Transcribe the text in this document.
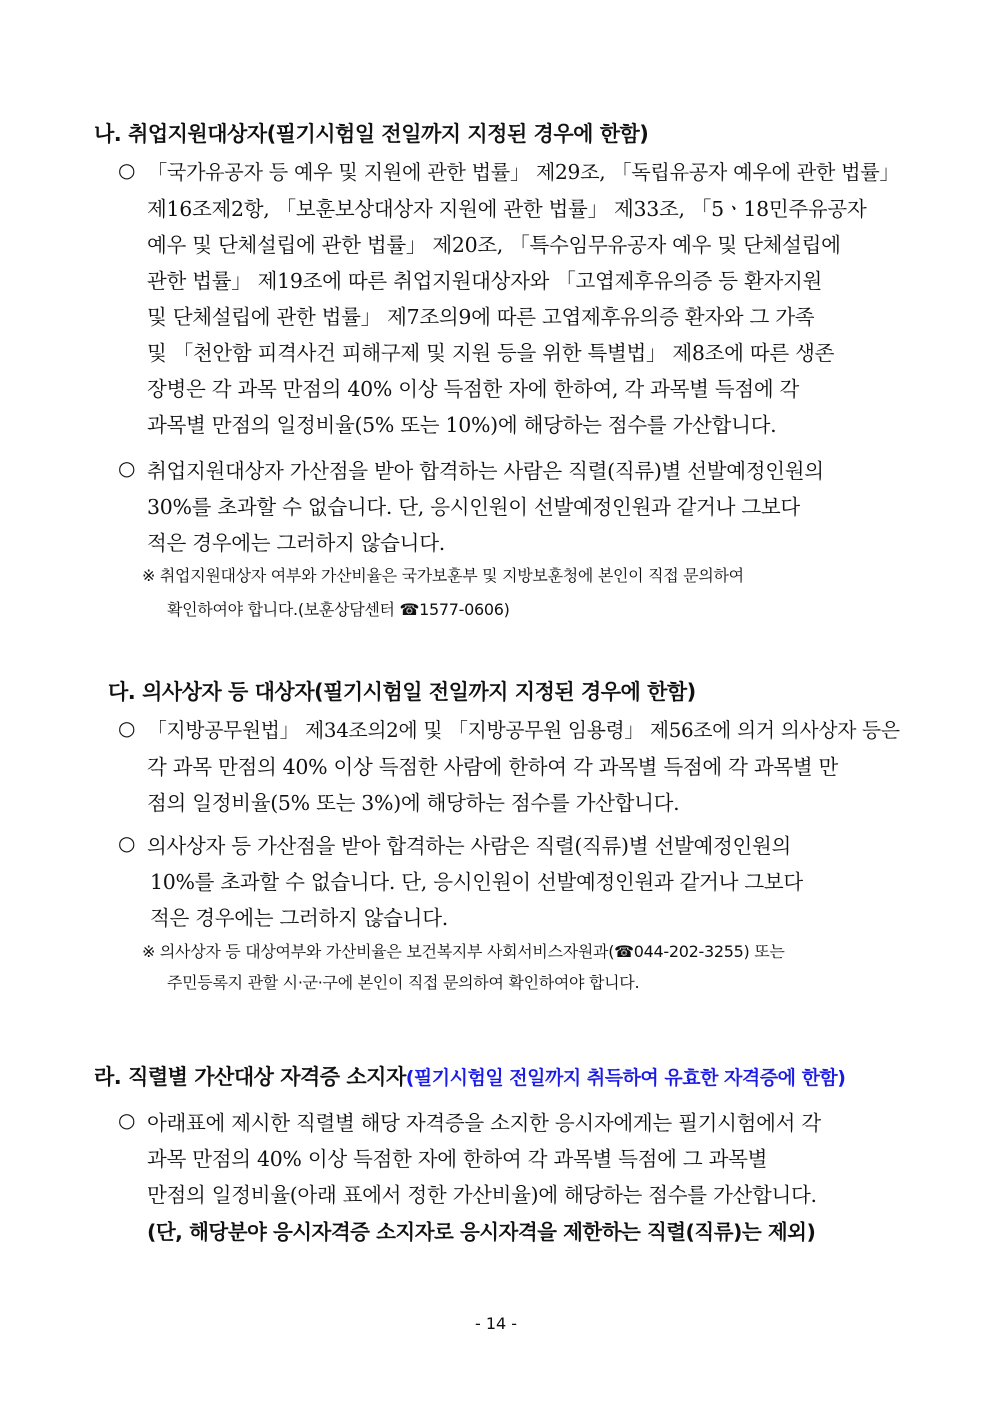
나. 취업지원대상자(필기시험일 전일까지 지정된 경우에 한함)
○ 「국가유공자 등 예우 및 지원에 관한 법률」 제29조, 「독립유공자 예우에 관한 법률」
제16조제2항, 「보훈보상대상자 지원에 관한 법률」 제33조, 「5ㆍ18민주유공자
예우 및 단체설립에 관한 법률」 제20조, 「특수임무유공자 예우 및 단체설립에
관한 법률」 제19조에 따른 취업지원대상자와 「고엽제후유의증 등 환자지원
및 단체설립에 관한 법률」 제7조의9에 따른 고엽제후유의증 환자와 그 가족
및 「천안함 피격사건 피해구제 및 지원 등을 위한 특별법」 제8조에 따른 생존
장병은 각 과목 만점의 40% 이상 득점한 자에 한하여, 각 과목별 득점에 각
과목별 만점의 일정비율(5% 또는 10%)에 해당하는 점수를 가산합니다.
○ 취업지원대상자 가산점을 받아 합격하는 사람은 직렬(직류)별 선발예정인원의
30%를 초과할 수 없습니다. 단, 응시인원이 선발예정인원과 같거나 그보다
적은 경우에는 그러하지 않습니다.
※ 취업지원대상자 여부와 가산비율은 국가보훈부 및 지방보훈청에 본인이 직접 문의하여
확인하여야 합니다.(보훈상담센터 ☎1577-0606)
다. 의사상자 등 대상자(필기시험일 전일까지 지정된 경우에 한함)
○ 「지방공무원법」 제34조의2에 및 「지방공무원 임용령」 제56조에 의거 의사상자 등은
각 과목 만점의 40% 이상 득점한 사람에 한하여 각 과목별 득점에 각 과목별 만
점의 일정비율(5% 또는 3%)에 해당하는 점수를 가산합니다.
○ 의사상자 등 가산점을 받아 합격하는 사람은 직렬(직류)별 선발예정인원의
10%를 초과할 수 없습니다. 단, 응시인원이 선발예정인원과 같거나 그보다
적은 경우에는 그러하지 않습니다.
※ 의사상자 등 대상여부와 가산비율은 보건복지부 사회서비스자원과(☎044-202-3255) 또는
주민등록지 관할 시·군·구에 본인이 직접 문의하여 확인하여야 합니다.
라. 직렬별 가산대상 자격증 소지자(필기시험일 전일까지 취득하여 유효한 자격증에 한함)
○ 아래표에 제시한 직렬별 해당 자격증을 소지한 응시자에게는 필기시험에서 각
과목 만점의 40% 이상 득점한 자에 한하여 각 과목별 득점에 그 과목별
만점의 일정비율(아래 표에서 정한 가산비율)에 해당하는 점수를 가산합니다.
(단, 해당분야 응시자격증 소지자로 응시자격을 제한하는 직렬(직류)는 제외)
- 14 -
